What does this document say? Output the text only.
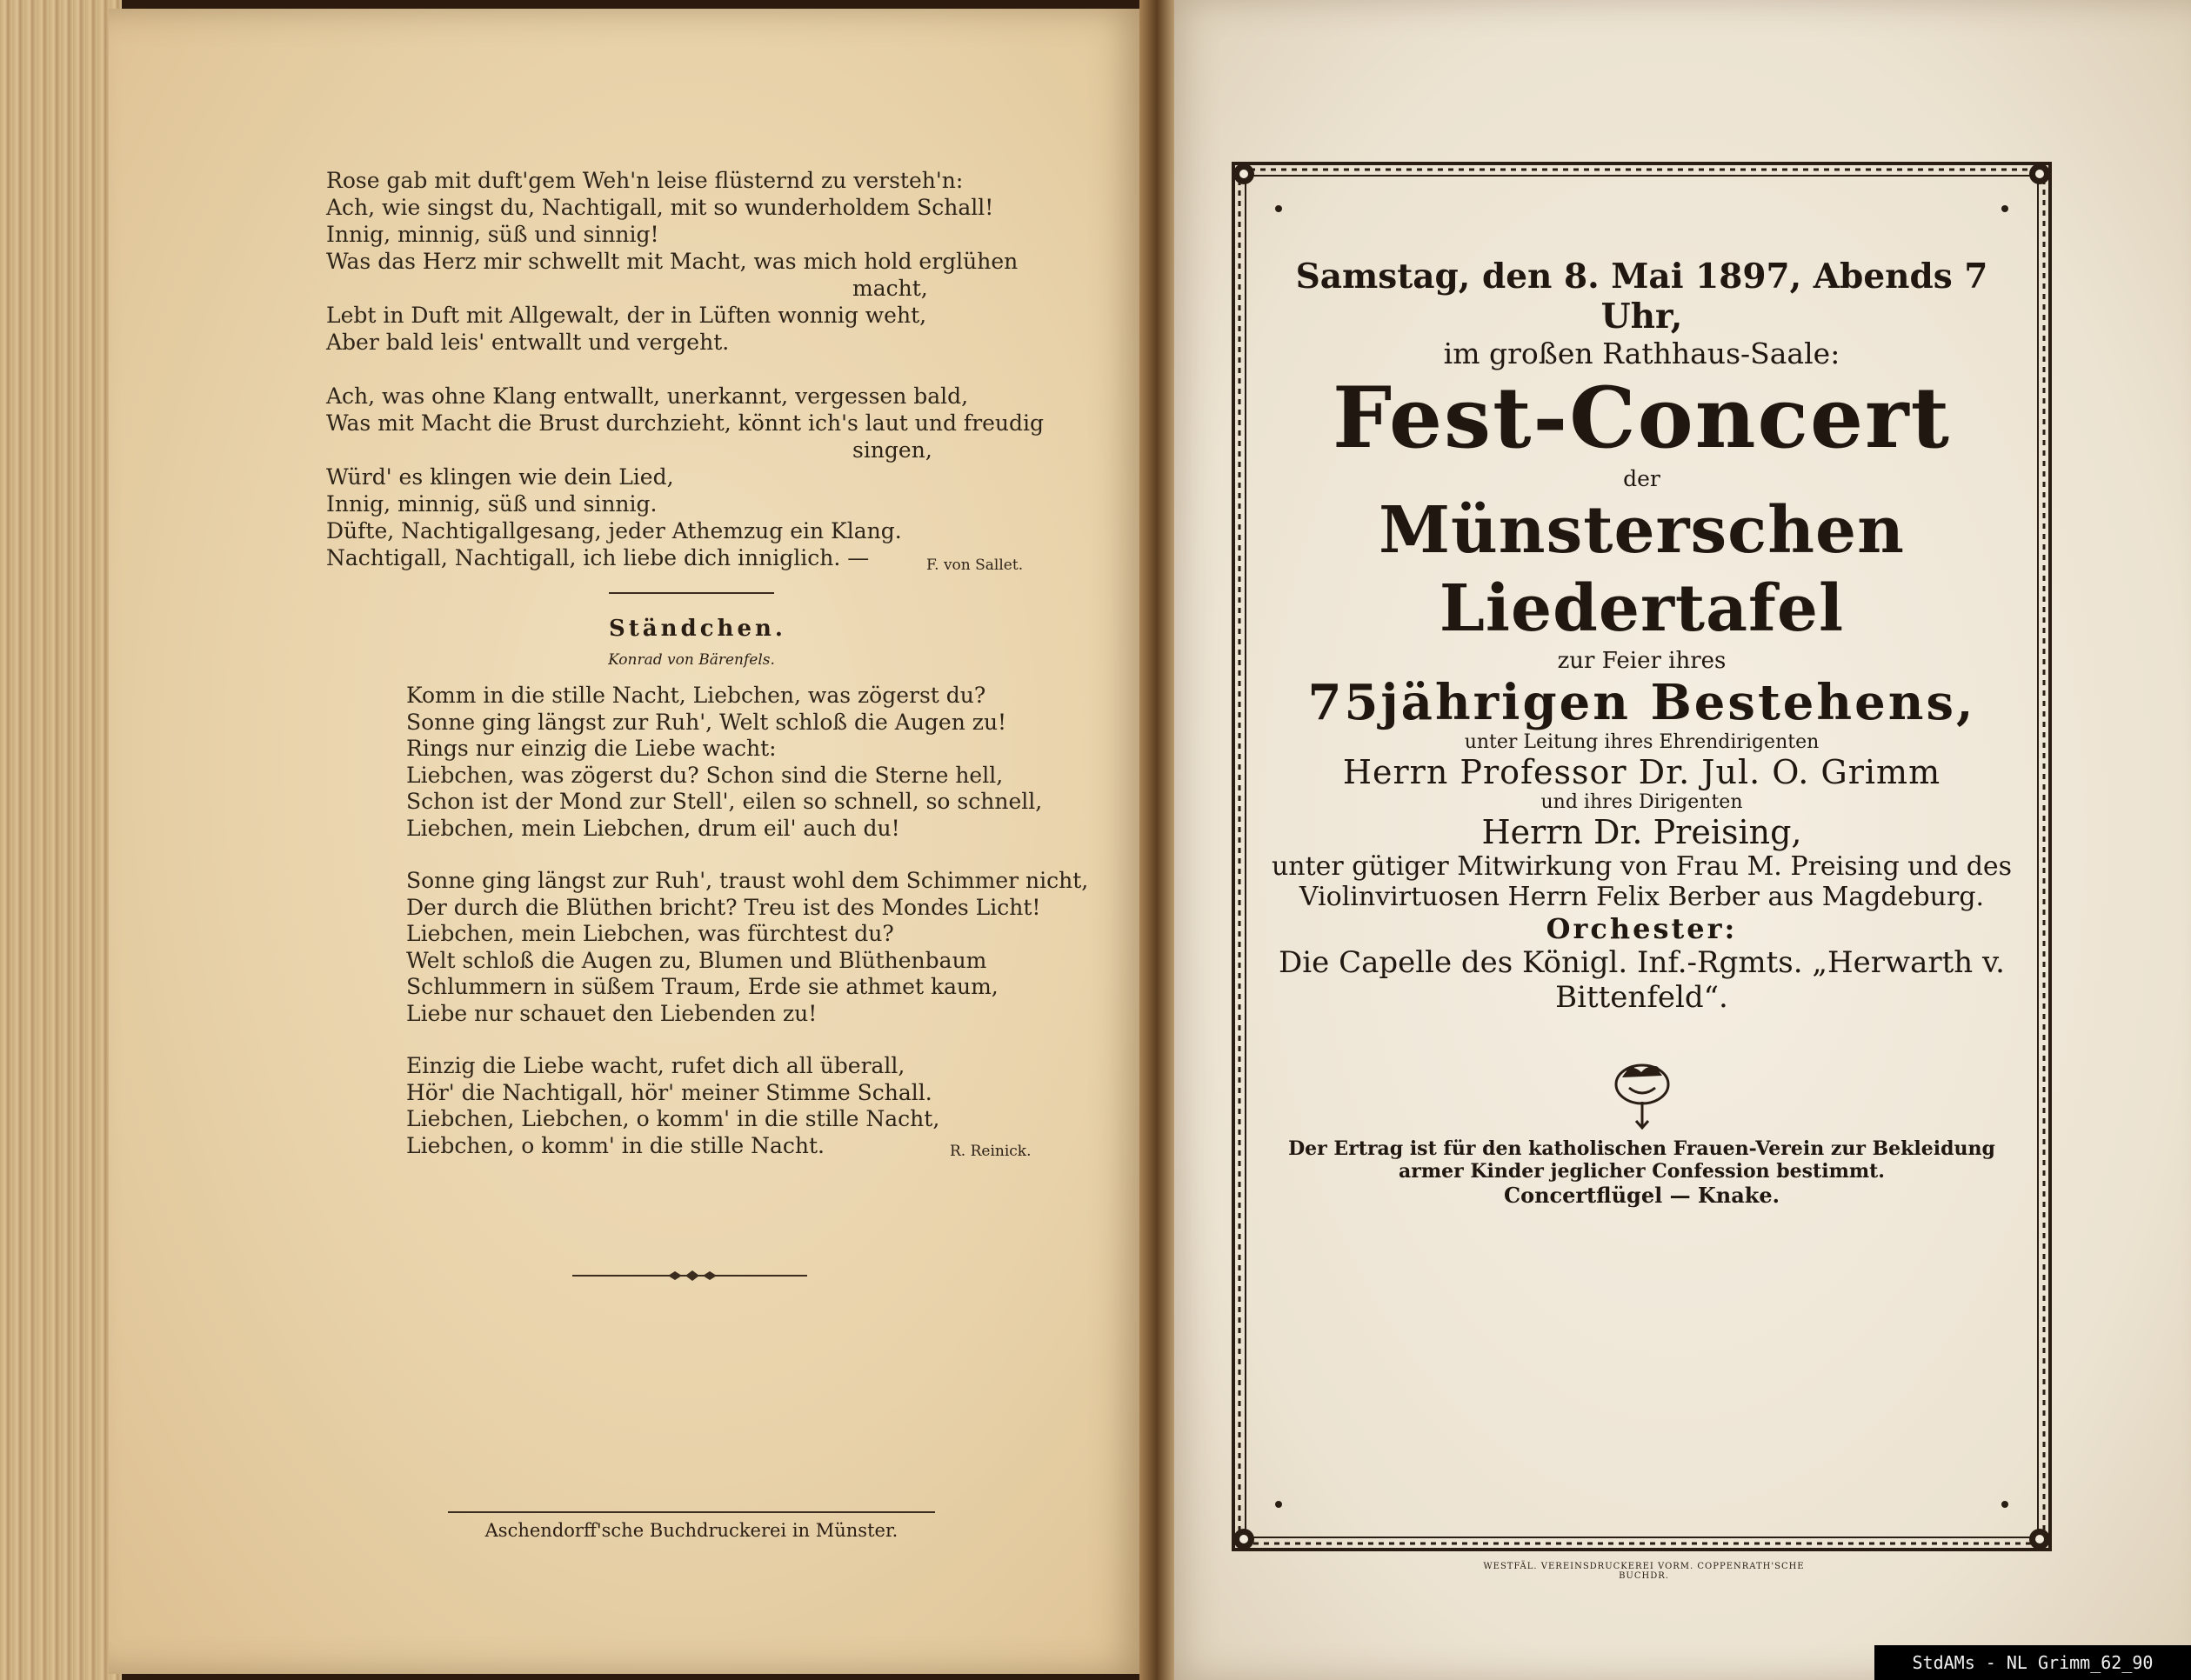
Rose gab mit duft'gem Weh'n leise flüsternd zu versteh'n:
Ach, wie singst du, Nachtigall, mit so wunderholdem Schall!
Innig, minnig, süß und sinnig!
Was das Herz mir schwellt mit Macht, was mich hold erglühen
macht,
Lebt in Duft mit Allgewalt, der in Lüften wonnig weht,
Aber bald leis' entwallt und vergeht.
Ach, was ohne Klang entwallt, unerkannt, vergessen bald,
Was mit Macht die Brust durchzieht, könnt ich's laut und freudig
singen,
Würd' es klingen wie dein Lied,
Innig, minnig, süß und sinnig.
Düfte, Nachtigallgesang, jeder Athemzug ein Klang.
Nachtigall, Nachtigall, ich liebe dich inniglich. —	F. von Sallet.
Ständchen.
Konrad von Bärenfels.
Komm in die stille Nacht, Liebchen, was zögerst du?
Sonne ging längst zur Ruh', Welt schloß die Augen zu!
Rings nur einzig die Liebe wacht:
Liebchen, was zögerst du? Schon sind die Sterne hell,
Schon ist der Mond zur Stell', eilen so schnell, so schnell,
Liebchen, mein Liebchen, drum eil' auch du!
Sonne ging längst zur Ruh', traust wohl dem Schimmer nicht,
Der durch die Blüthen bricht? Treu ist des Mondes Licht!
Liebchen, mein Liebchen, was fürchtest du?
Welt schloß die Augen zu, Blumen und Blüthenbaum
Schlummern in süßem Traum, Erde sie athmet kaum,
Liebe nur schauet den Liebenden zu!
Einzig die Liebe wacht, rufet dich all überall,
Hör' die Nachtigall, hör' meiner Stimme Schall.
Liebchen, Liebchen, o komm' in die stille Nacht,
Liebchen, o komm' in die stille Nacht.	R. Reinick.
Aschendorff'sche Buchdruckerei in Münster.
Samstag, den 8. Mai 1897, Abends 7 Uhr,
im großen Rathhaus-Saale:
Fest-Concert
der
Münsterschen Liedertafel
zur Feier ihres
75jährigen Bestehens,
unter Leitung ihres Ehrendirigenten
Herrn Professor Dr. Jul. O. Grimm
und ihres Dirigenten
Herrn Dr. Preising,
unter gütiger Mitwirkung von Frau M. Preising und des
Violinvirtuosen Herrn Felix Berber aus Magdeburg.
Orchester:
Die Capelle des Königl. Inf.-Rgmts. „Herwarth v. Bittenfeld“.
Der Ertrag ist für den katholischen Frauen-Verein zur Bekleidung
armer Kinder jeglicher Confession bestimmt.
Concertflügel — Knake.
WESTFÄL. VEREINSDRUCKEREI VORM. COPPENRATH'SCHE BUCHDR.
StdAMs - NL Grimm_62_90
